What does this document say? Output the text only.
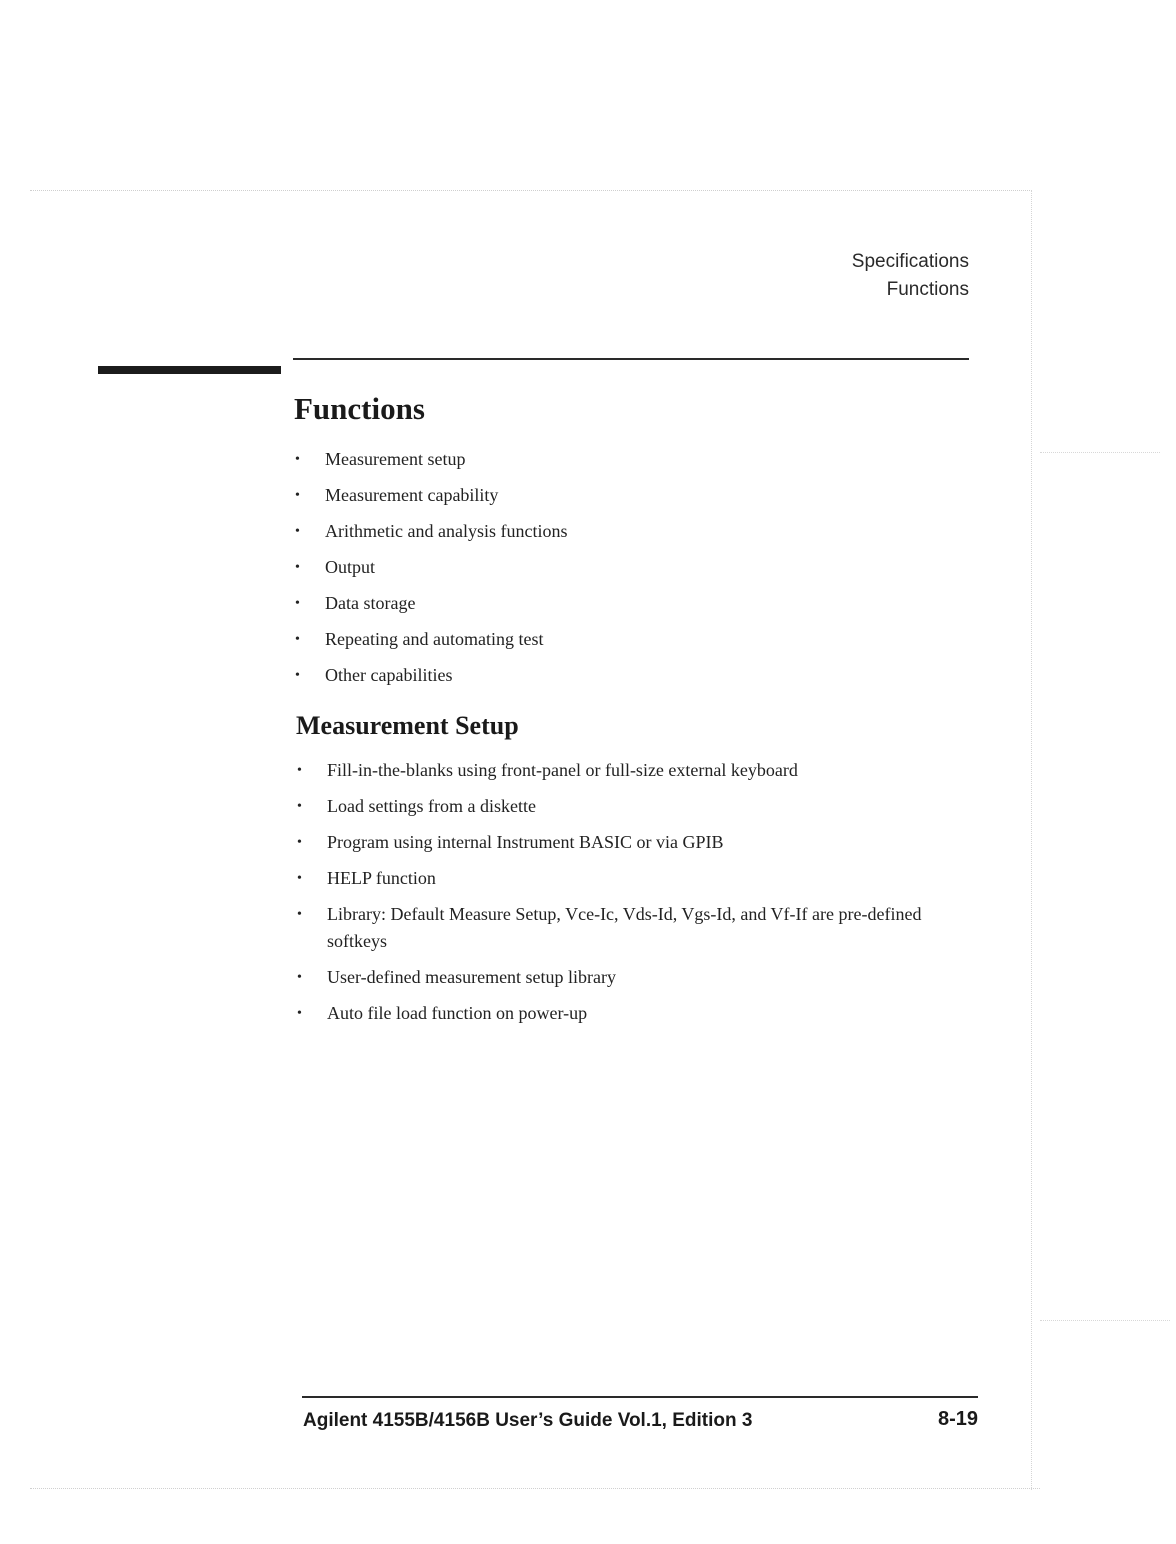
Specifications
Functions
Functions
• Measurement setup
• Measurement capability
• Arithmetic and analysis functions
• Output
• Data storage
• Repeating and automating test
• Other capabilities
Measurement Setup
• Fill-in-the-blanks using front-panel or full-size external keyboard
• Load settings from a diskette
• Program using internal Instrument BASIC or via GPIB
• HELP function
• Library: Default Measure Setup, Vce-Ic, Vds-Id, Vgs-Id, and Vf-If are pre-defined softkeys
• User-defined measurement setup library
• Auto file load function on power-up
Agilent 4155B/4156B User’s Guide Vol.1, Edition 3	8-19
